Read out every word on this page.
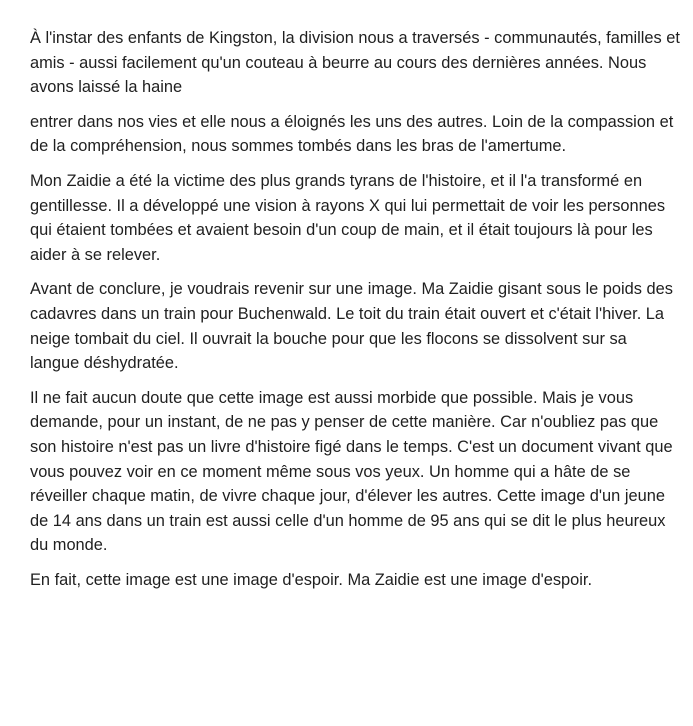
À l'instar des enfants de Kingston, la division nous a traversés - communautés, familles et amis - aussi facilement qu'un couteau à beurre au cours des dernières années. Nous avons laissé la haine

entrer dans nos vies et elle nous a éloignés les uns des autres. Loin de la compassion et de la compréhension, nous sommes tombés dans les bras de l'amertume.

Mon Zaidie a été la victime des plus grands tyrans de l'histoire, et il l'a transformé en gentillesse. Il a développé une vision à rayons X qui lui permettait de voir les personnes qui étaient tombées et avaient besoin d'un coup de main, et il était toujours là pour les aider à se relever.

Avant de conclure, je voudrais revenir sur une image. Ma Zaidie gisant sous le poids des cadavres dans un train pour Buchenwald. Le toit du train était ouvert et c'était l'hiver. La neige tombait du ciel. Il ouvrait la bouche pour que les flocons se dissolvent sur sa langue déshydratée.

Il ne fait aucun doute que cette image est aussi morbide que possible. Mais je vous demande, pour un instant, de ne pas y penser de cette manière. Car n'oubliez pas que son histoire n'est pas un livre d'histoire figé dans le temps. C'est un document vivant que vous pouvez voir en ce moment même sous vos yeux. Un homme qui a hâte de se réveiller chaque matin, de vivre chaque jour, d'élever les autres. Cette image d'un jeune de 14 ans dans un train est aussi celle d'un homme de 95 ans qui se dit le plus heureux du monde.

En fait, cette image est une image d'espoir. Ma Zaidie est une image d'espoir.
